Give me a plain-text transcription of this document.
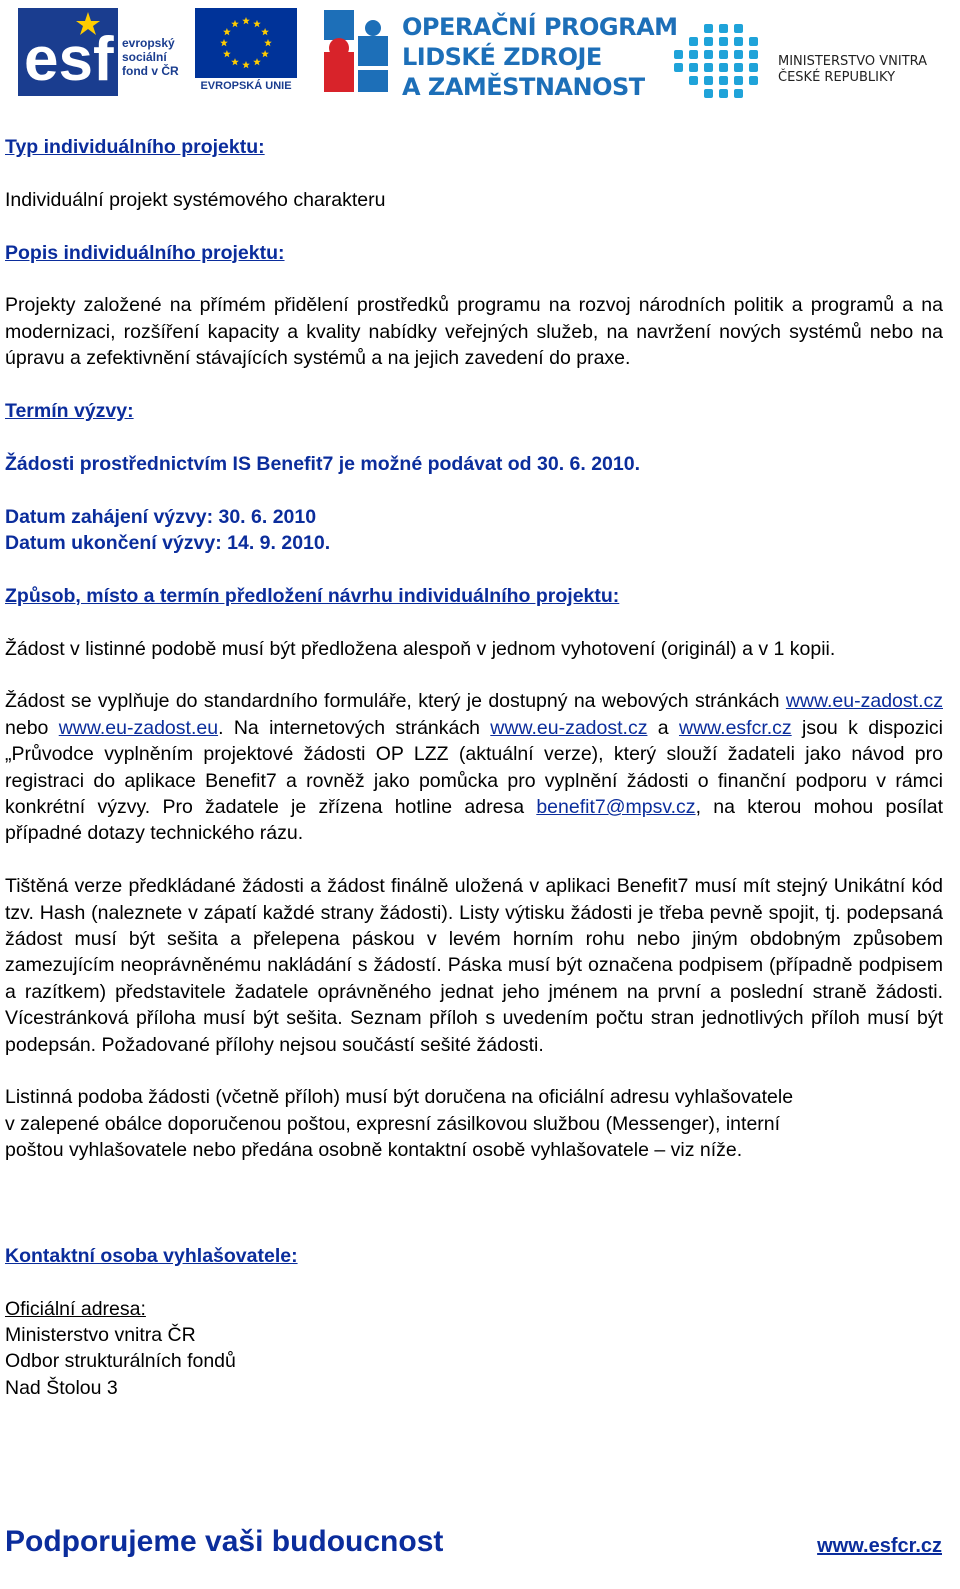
esf evropský
sociální
fond v ČR
EVROPSKÁ UNIE
OPERAČNÍ PROGRAM
LIDSKÉ ZDROJE
A ZAMĚSTNANOST
MINISTERSTVO VNITRA
ČESKÉ REPUBLIKY

Typ individuálního projektu:

Individuální projekt systémového charakteru

Popis individuálního projektu:

Projekty založené na přímém přidělení prostředků programu na rozvoj národních politik a programů a na modernizaci, rozšíření kapacity a kvality nabídky veřejných služeb, na navržení nových systémů nebo na úpravu a zefektivnění stávajících systémů a na jejich zavedení do praxe.

Termín výzvy:

Žádosti prostřednictvím IS Benefit7 je možné podávat od 30. 6. 2010.

Datum zahájení výzvy: 30. 6. 2010

Datum ukončení výzvy: 14. 9. 2010.

Způsob, místo a termín předložení návrhu individuálního projektu:

Žádost v listinné podobě musí být předložena alespoň v jednom vyhotovení (originál) a v 1 kopii.

Žádost se vyplňuje do standardního formuláře, který je dostupný na webových stránkách www.eu-zadost.cz nebo www.eu-zadost.eu. Na internetových stránkách www.eu-zadost.cz a www.esfcr.cz jsou k dispozici „Průvodce vyplněním projektové žádosti OP LZZ (aktuální verze), který slouží žadateli jako návod pro registraci do aplikace Benefit7 a rovněž jako pomůcka pro vyplnění žádosti o finanční podporu v rámci konkrétní výzvy. Pro žadatele je zřízena hotline adresa benefit7@mpsv.cz, na kterou mohou posílat případné dotazy technického rázu.

Tištěná verze předkládané žádosti a žádost finálně uložená v aplikaci Benefit7 musí mít stejný Unikátní kód tzv. Hash (naleznete v zápatí každé strany žádosti). Listy výtisku žádosti je třeba pevně spojit, tj. podepsaná žádost musí být sešita a přelepena páskou v levém horním rohu nebo jiným obdobným způsobem zamezujícím neoprávněnému nakládání s žádostí. Páska musí být označena podpisem (případně podpisem a razítkem) představitele žadatele oprávněného jednat jeho jménem na první a poslední straně žádosti. Vícestránková příloha musí být sešita. Seznam příloh s uvedením počtu stran jednotlivých příloh musí být podepsán. Požadované přílohy nejsou součástí sešité žádosti.

Listinná podoba žádosti (včetně příloh) musí být doručena na oficiální adresu vyhlašovatele

v zalepené obálce doporučenou poštou, expresní zásilkovou službou (Messenger), interní

poštou vyhlašovatele nebo předána osobně kontaktní osobě vyhlašovatele – viz níže.

Kontaktní osoba vyhlašovatele:

Oficiální adresa:

Ministerstvo vnitra ČR

Odbor strukturálních fondů

Nad Štolou 3

Podporujeme vaši budoucnost	www.esfcr.cz
